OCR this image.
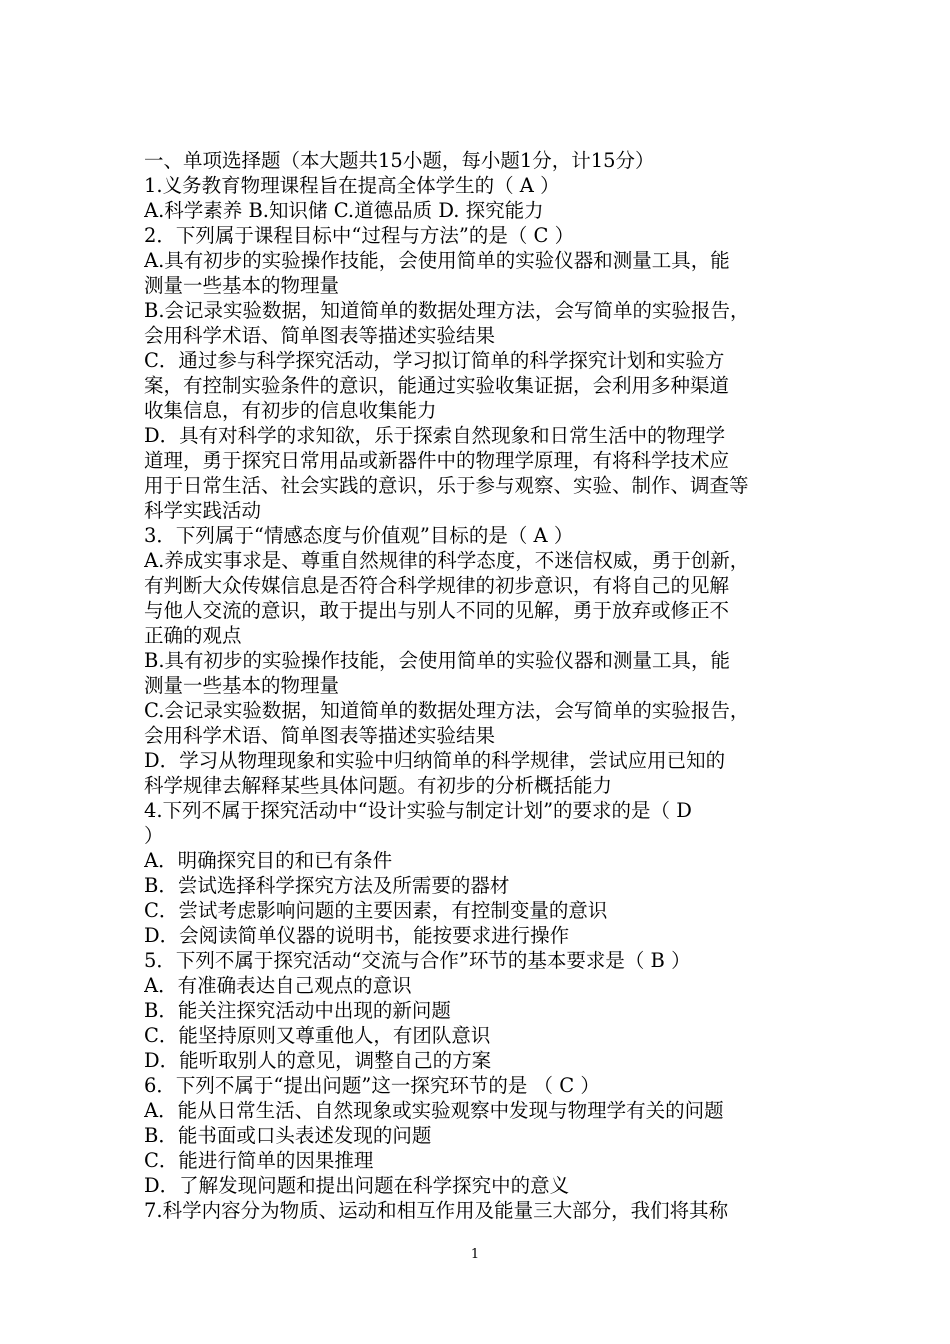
一、单项选择题（本大题共15小题，每小题1分，计15分）
1.义务教育物理课程旨在提高全体学生的（ A ）
A.科学素养 B.知识储 C.道德品质 D. 探究能力
2．下列属于课程目标中“过程与方法”的是（ C ）
A.具有初步的实验操作技能，会使用简单的实验仪器和测量工具，能
测量一些基本的物理量
B.会记录实验数据，知道简单的数据处理方法，会写简单的实验报告，
会用科学术语、简单图表等描述实验结果
C．通过参与科学探究活动，学习拟订简单的科学探究计划和实验方
案，有控制实验条件的意识，能通过实验收集证据，会利用多种渠道
收集信息，有初步的信息收集能力
D．具有对科学的求知欲，乐于探索自然现象和日常生活中的物理学
道理，勇于探究日常用品或新器件中的物理学原理，有将科学技术应
用于日常生活、社会实践的意识，乐于参与观察、实验、制作、调查等
科学实践活动
3．下列属于“情感态度与价值观”目标的是（ A ）
A.养成实事求是、尊重自然规律的科学态度，不迷信权威，勇于创新，
有判断大众传媒信息是否符合科学规律的初步意识，有将自己的见解
与他人交流的意识，敢于提出与别人不同的见解，勇于放弃或修正不
正确的观点
B.具有初步的实验操作技能，会使用简单的实验仪器和测量工具，能
测量一些基本的物理量
C.会记录实验数据，知道简单的数据处理方法，会写简单的实验报告，
会用科学术语、简单图表等描述实验结果
D．学习从物理现象和实验中归纳简单的科学规律，尝试应用已知的
科学规律去解释某些具体问题。有初步的分析概括能力
4.下列不属于探究活动中“设计实验与制定计划”的要求的是（ D
）
A．明确探究目的和已有条件
B．尝试选择科学探究方法及所需要的器材
C．尝试考虑影响问题的主要因素，有控制变量的意识
D．会阅读简单仪器的说明书，能按要求进行操作
5．下列不属于探究活动“交流与合作”环节的基本要求是（ B ）
A．有准确表达自己观点的意识
B．能关注探究活动中出现的新问题
C．能坚持原则又尊重他人，有团队意识
D．能听取别人的意见，调整自己的方案
6．下列不属于“提出问题”这一探究环节的是 （ C ）
A．能从日常生活、自然现象或实验观察中发现与物理学有关的问题
B．能书面或口头表述发现的问题
C．能进行简单的因果推理
D．了解发现问题和提出问题在科学探究中的意义
7.科学内容分为物质、运动和相互作用及能量三大部分，我们将其称
1
